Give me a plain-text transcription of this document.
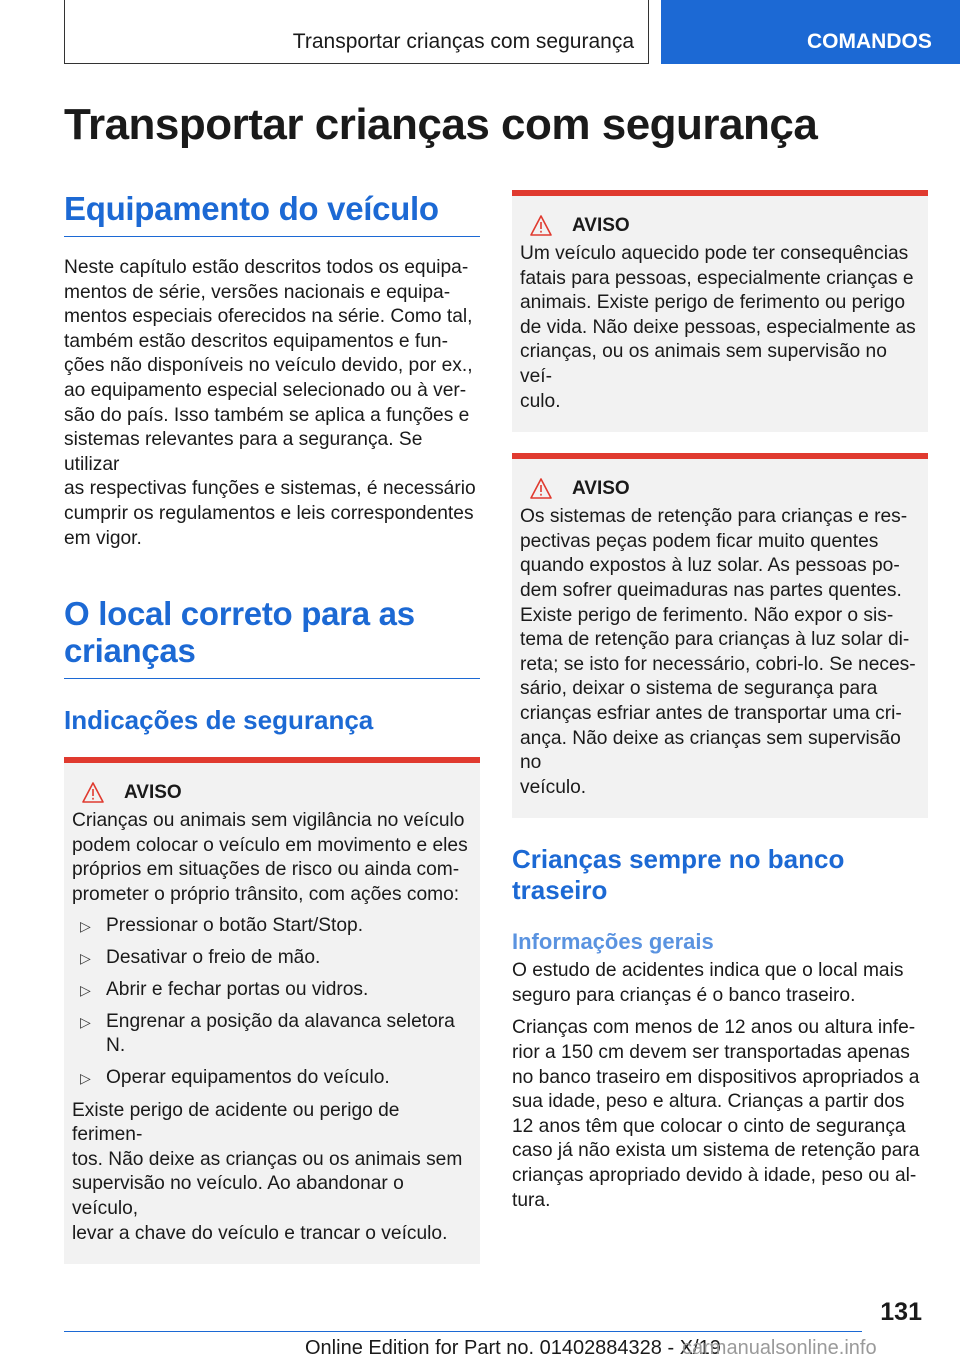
Transportar crianças com segurança	COMANDOS
Transportar crianças com segurança
Equipamento do veículo

Neste capítulo estão descritos todos os equipa-
mentos de série, versões nacionais e equipa-
mentos especiais oferecidos na série. Como tal,
também estão descritos equipamentos e fun-
ções não disponíveis no veículo devido, por ex.,
ao equipamento especial selecionado ou à ver-
são do país. Isso também se aplica a funções e
sistemas relevantes para a segurança. Se utilizar
as respectivas funções e sistemas, é necessário
cumprir os regulamentos e leis correspondentes
em vigor.

O local correto para as
crianças
Indicações de segurança
AVISO

Crianças ou animais sem vigilância no veículo
podem colocar o veículo em movimento e eles
próprios em situações de risco ou ainda com-
prometer o próprio trânsito, com ações como:

▷ Pressionar o botão Start/Stop.
▷ Desativar o freio de mão.
▷ Abrir e fechar portas ou vidros.
▷ Engrenar a posição da alavanca seletora
N.
▷ Operar equipamentos do veículo.

Existe perigo de acidente ou perigo de ferimen-
tos. Não deixe as crianças ou os animais sem
supervisão no veículo. Ao abandonar o veículo,
levar a chave do veículo e trancar o veículo.

AVISO

Um veículo aquecido pode ter consequências
fatais para pessoas, especialmente crianças e
animais. Existe perigo de ferimento ou perigo
de vida. Não deixe pessoas, especialmente as
crianças, ou os animais sem supervisão no veí-
culo.

AVISO

Os sistemas de retenção para crianças e res-
pectivas peças podem ficar muito quentes
quando expostos à luz solar. As pessoas po-
dem sofrer queimaduras nas partes quentes.
Existe perigo de ferimento. Não expor o sis-
tema de retenção para crianças à luz solar di-
reta; se isto for necessário, cobri-lo. Se neces-
sário, deixar o sistema de segurança para
crianças esfriar antes de transportar uma cri-
ança. Não deixe as crianças sem supervisão no
veículo.

Crianças sempre no banco
traseiro
Informações gerais

O estudo de acidentes indica que o local mais
seguro para crianças é o banco traseiro.

Crianças com menos de 12 anos ou altura infe-
rior a 150 cm devem ser transportadas apenas
no banco traseiro em dispositivos apropriados a
sua idade, peso e altura. Crianças a partir dos
12 anos têm que colocar o cinto de segurança
caso já não exista um sistema de retenção para
crianças apropriado devido à idade, peso ou al-
tura.

131
Online Edition for Part no. 01402884328 - X/19
carmanualsonline.info
